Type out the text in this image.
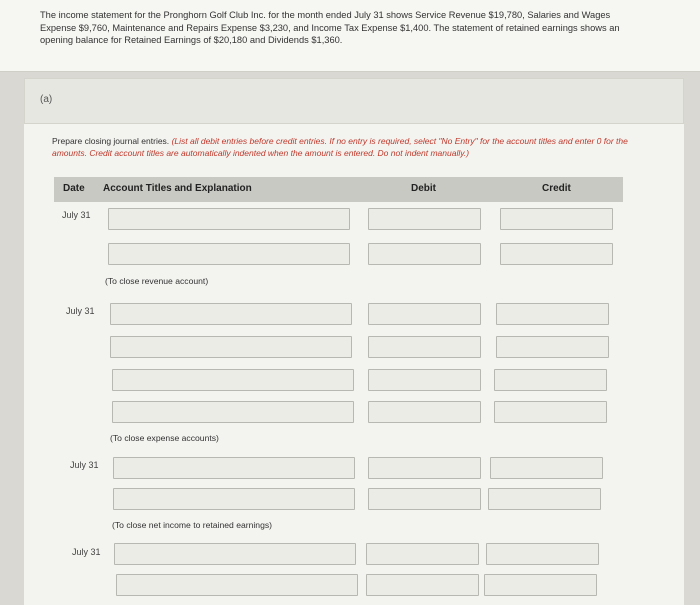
The income statement for the Pronghorn Golf Club Inc. for the month ended July 31 shows Service Revenue $19,780, Salaries and Wages Expense $9,760, Maintenance and Repairs Expense $3,230, and Income Tax Expense $1,400. The statement of retained earnings shows an opening balance for Retained Earnings of $20,180 and Dividends $1,360.

(a)
Prepare closing journal entries. (List all debit entries before credit entries. If no entry is required, select "No Entry" for the account titles and enter 0 for the amounts. Credit account titles are automatically indented when the amount is entered. Do not indent manually.)
Date Account Titles and Explanation	Debit	Credit
July 31
(To close revenue account)
July 31
(To close expense accounts)
July 31
(To close net income to retained earnings)
July 31
